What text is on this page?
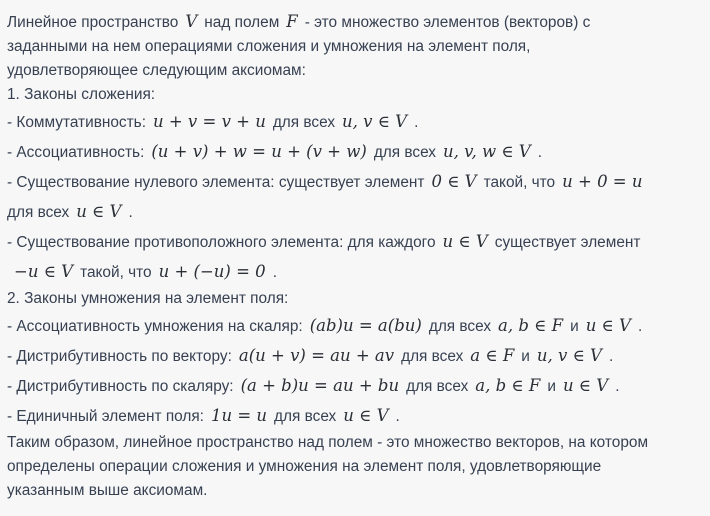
Линейное пространство V над полем F - это множество элементов (векторов) с
заданными на нем операциями сложения и умножения на элемент поля,
удовлетворяющее следующим аксиомам:
1. Законы сложения:
- Коммутативность: u + v = v + u для всех u, v ∈ V .
- Ассоциативность: (u + v) + w = u + (v + w) для всех u, v, w ∈ V .
- Существование нулевого элемента: существует элемент 0 ∈ V такой, что u + 0 = u
для всех u ∈ V .
- Существование противоположного элемента: для каждого u ∈ V существует элемент
−u ∈ V такой, что u + (−u) = 0 .
2. Законы умножения на элемент поля:
- Ассоциативность умножения на скаляр: (ab)u = a(bu) для всех a, b ∈ F и u ∈ V .
- Дистрибутивность по вектору: a(u + v) = au + av для всех a ∈ F и u, v ∈ V .
- Дистрибутивность по скаляру: (a + b)u = au + bu для всех a, b ∈ F и u ∈ V .
- Единичный элемент поля: 1u = u для всех u ∈ V .
Таким образом, линейное пространство над полем - это множество векторов, на котором
определены операции сложения и умножения на элемент поля, удовлетворяющие
указанным выше аксиомам.
